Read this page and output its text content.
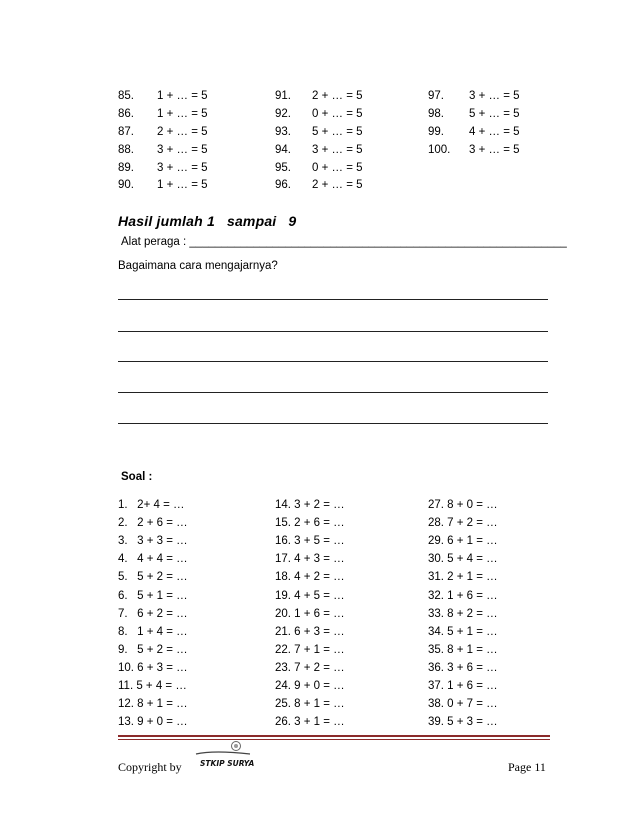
85. 1 + … = 5
86. 1 + … = 5
87. 2 + … = 5
88. 3 + … = 5
89. 3 + … = 5
90. 1 + … = 5
91. 2 + … = 5
92. 0 + … = 5
93. 5 + … = 5
94. 3 + … = 5
95. 0 + … = 5
96. 2 + … = 5
97. 3 + … = 5
98. 5 + … = 5
99. 4 + … = 5
100. 3 + … = 5
Hasil jumlah 1 sampai 9
Alat peraga : ___________________________________________________________
Bagaimana cara mengajarnya?
Soal :
1.   2+ 4 = …
2.   2 + 6 = …
3.   3 + 3 = …
4.   4 + 4 = …
5.   5 + 2 = …
6.   5 + 1 = …
7.   6 + 2 = …
8.   1 + 4 = …
9.   5 + 2 = …
10. 6 + 3 = …
11. 5 + 4 = …
12. 8 + 1 = …
13. 9 + 0 = …
14. 3 + 2 = …
15. 2 + 6 = …
16. 3 + 5 = …
17. 4 + 3 = …
18. 4 + 2 = …
19. 4 + 5 = …
20. 1 + 6 = …
21. 6 + 3 = …
22. 7 + 1 = …
23. 7 + 2 = …
24. 9 + 0 = …
25. 8 + 1 = …
26. 3 + 1 = …
27. 8 + 0 = …
28. 7 + 2 = …
29. 6 + 1 = …
30. 5 + 4 = …
31. 2 + 1 = …
32. 1 + 6 = …
33. 8 + 2 = …
34. 5 + 1 = …
35. 8 + 1 = …
36. 3 + 6 = …
37. 1 + 6 = …
38. 0 + 7 = …
39. 5 + 3 = …
Copyright by STKIP SURYA	Page 11
